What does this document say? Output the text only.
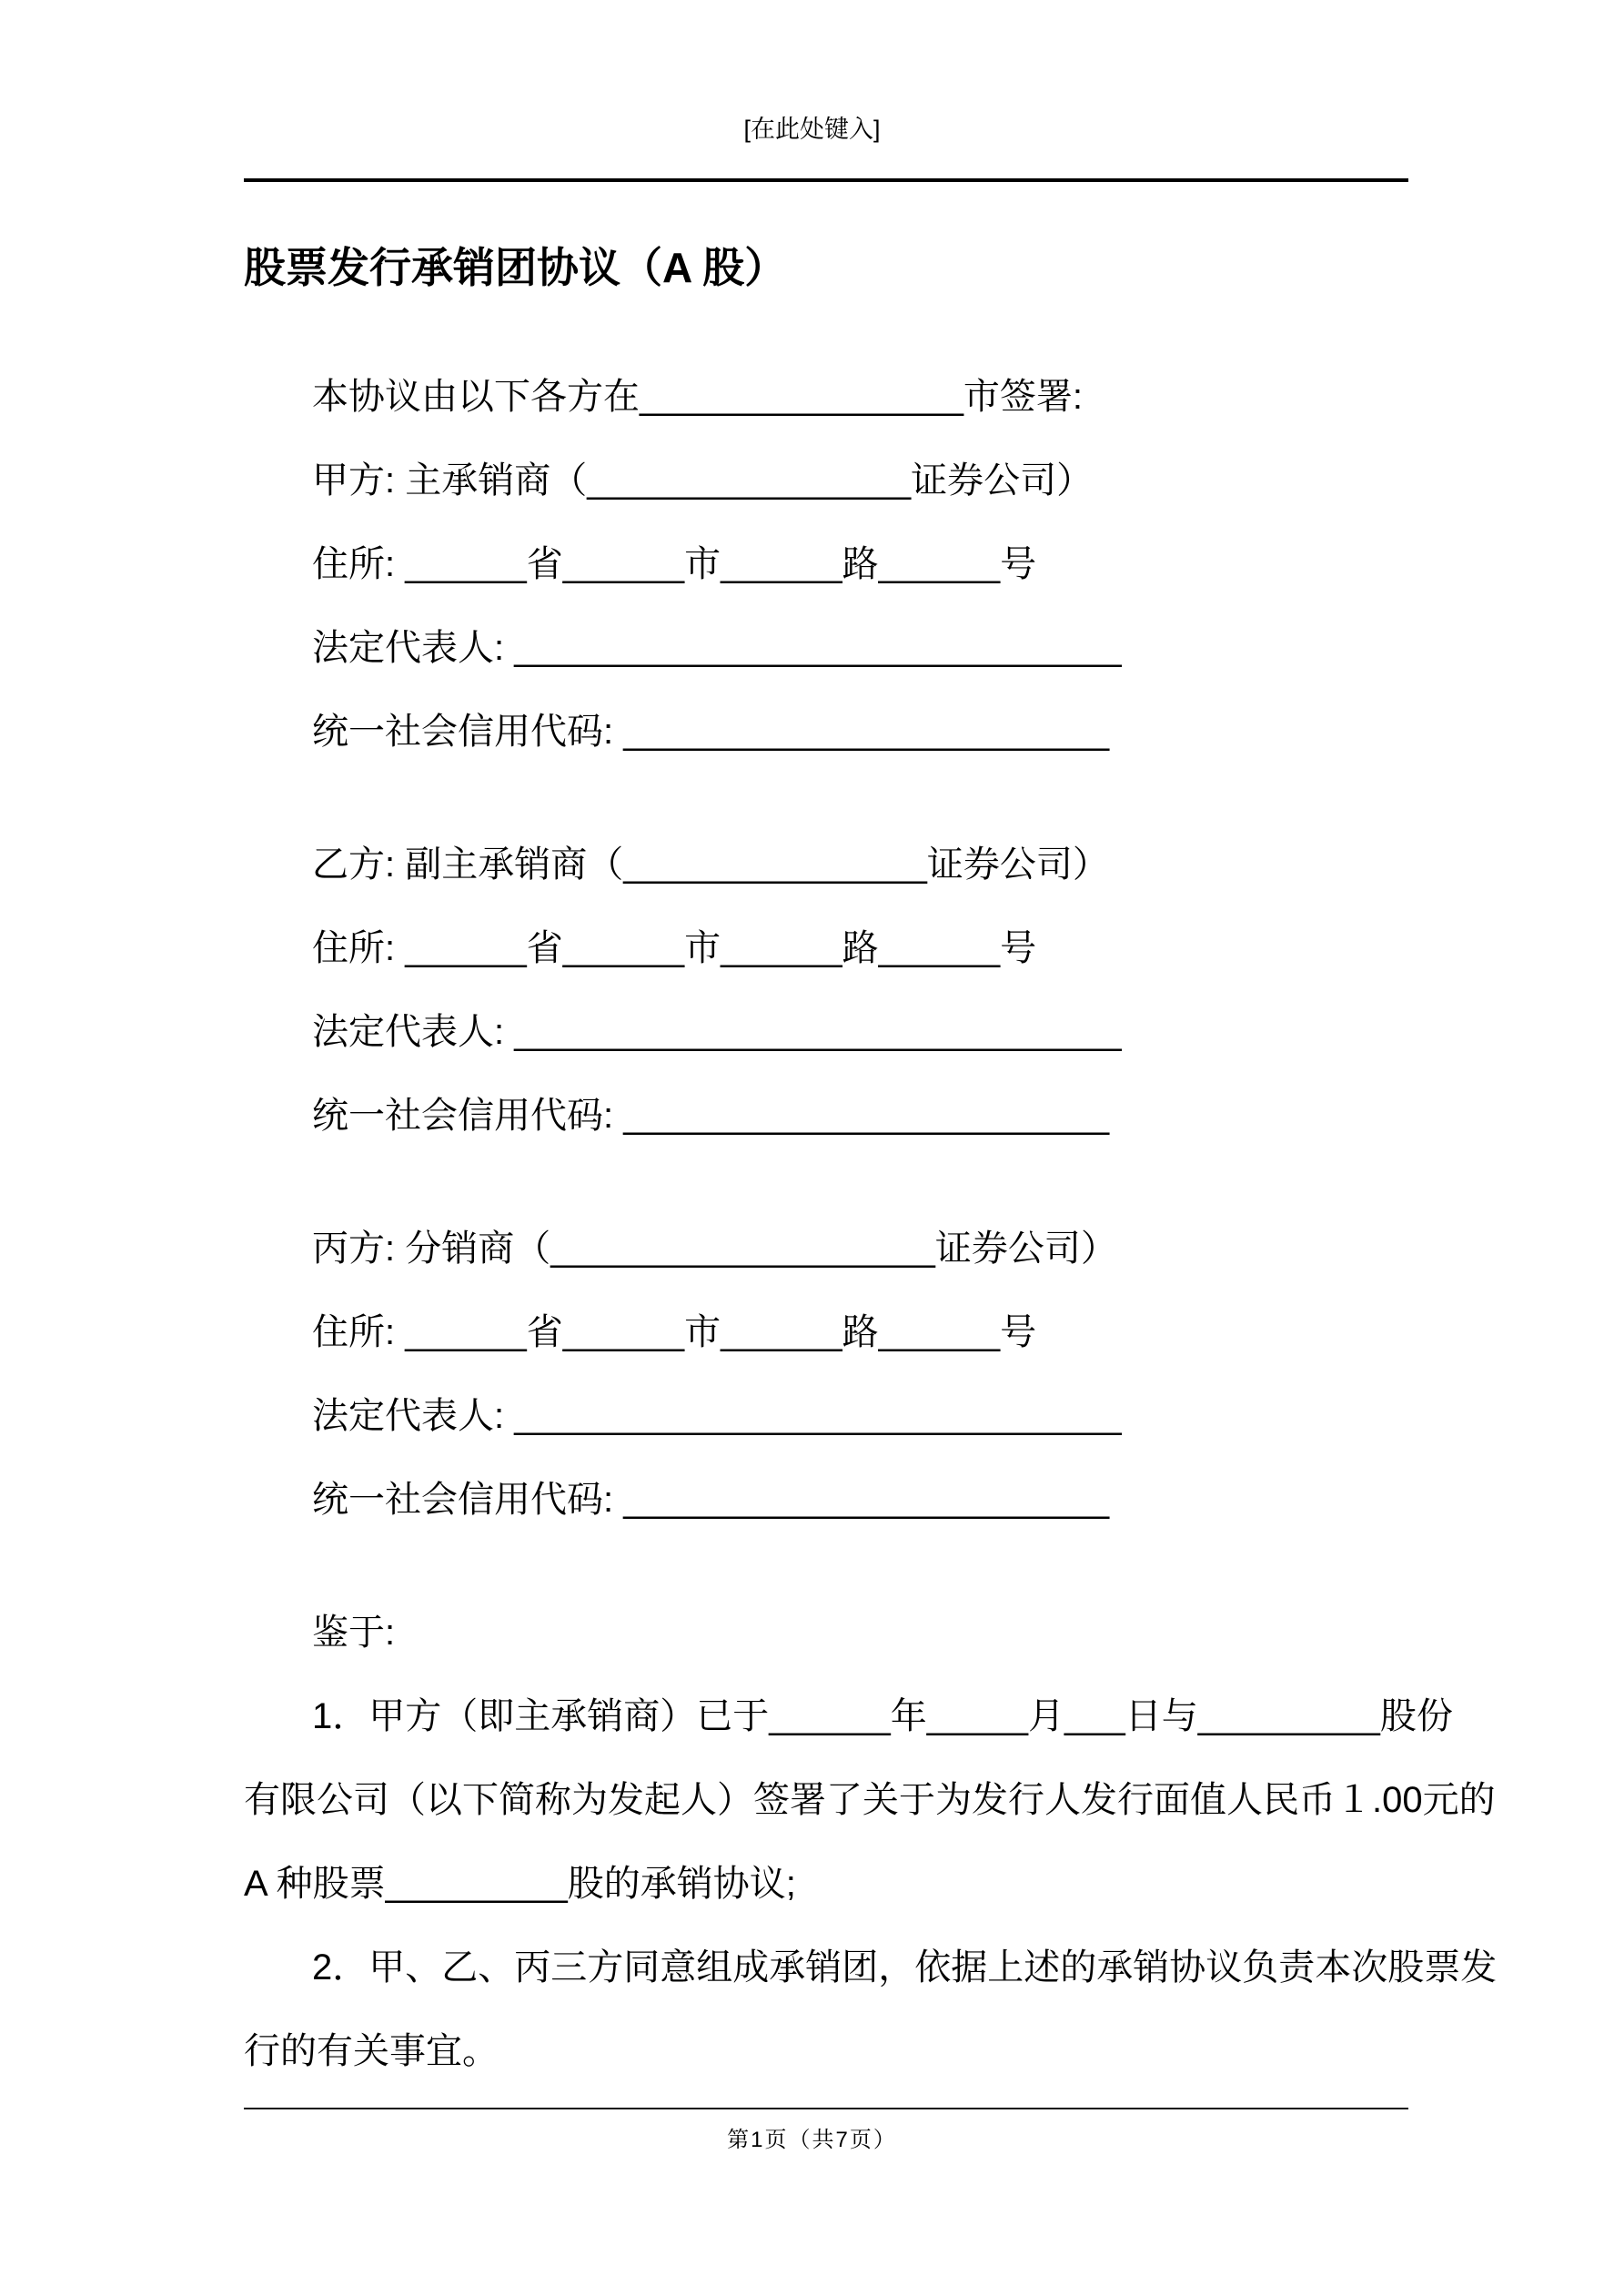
[在此处键入]
股票发行承销团协议（A 股）
本协议由以下各方在________________市签署:
甲方: 主承销商（________________证券公司）
住所: ______省______市______路______号
法定代表人: ______________________________
统一社会信用代码: ________________________
乙方: 副主承销商（_______________证券公司）
住所: ______省______市______路______号
法定代表人: ______________________________
统一社会信用代码: ________________________
丙方: 分销商（___________________证券公司）
住所: ______省______市______路______号
法定代表人: ______________________________
统一社会信用代码: ________________________
鉴于:
1．甲方（即主承销商）已于______年_____月___日与_________股份
有限公司（以下简称为发起人）签署了关于为发行人发行面值人民币１.00元的
A 种股票_________股的承销协议;
2．甲、乙、丙三方同意组成承销团，依据上述的承销协议负责本次股票发
行的有关事宜。
第1页（共7页）
